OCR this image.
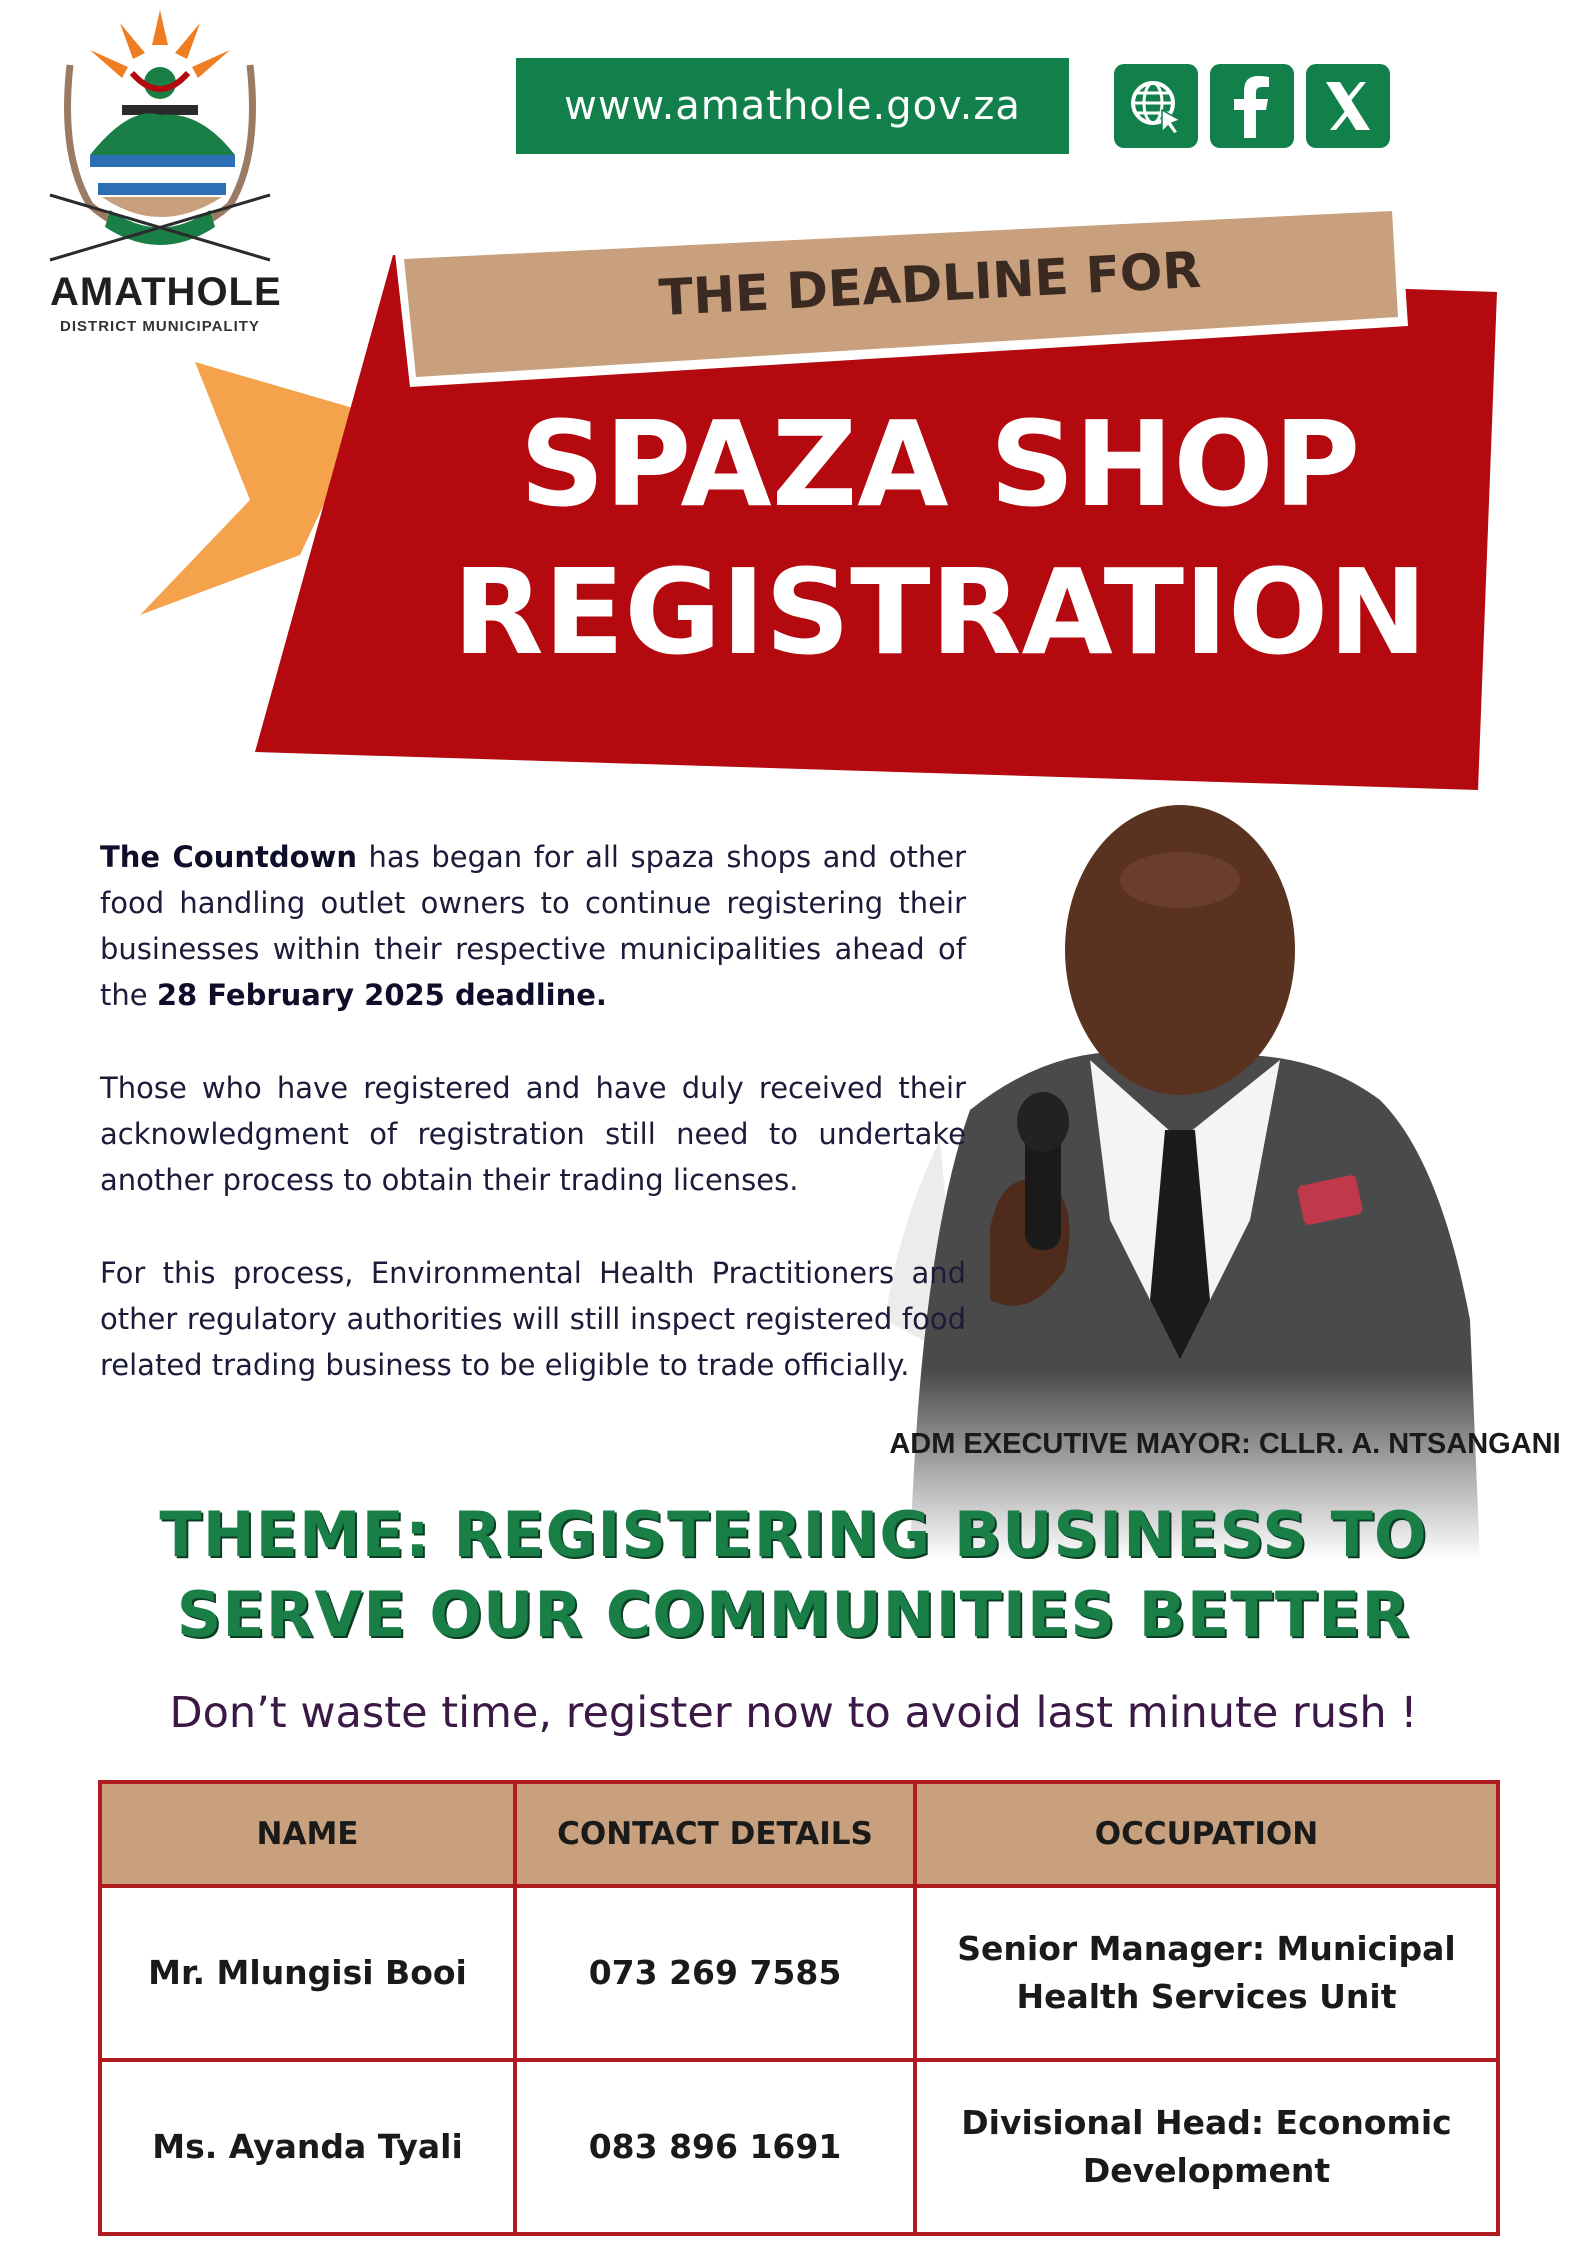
AMATHOLE
DISTRICT MUNICIPALITY
www.amathole.gov.za
THE DEADLINE FOR
SPAZA SHOP
REGISTRATION
The Countdown has began for all spaza shops and other food handling outlet owners to continue registering their businesses within their respective municipalities ahead of the 28 February 2025 deadline.
Those who have registered and have duly received their acknowledgment of registration still need to undertake another process to obtain their trading licenses.
For this process, Environmental Health Practitioners and other regulatory authorities will still inspect registered food related trading business to be eligible to trade officially.
ADM EXECUTIVE MAYOR: CLLR. A. NTSANGANI
THEME: REGISTERING BUSINESS TO
SERVE OUR COMMUNITIES BETTER
Don’t waste time, register now to avoid last minute rush !
NAME	CONTACT DETAILS	OCCUPATION
Mr. Mlungisi Booi	073 269 7585	Senior Manager: Municipal Health Services Unit
Ms. Ayanda Tyali	083 896 1691	Divisional Head: Economic Development
